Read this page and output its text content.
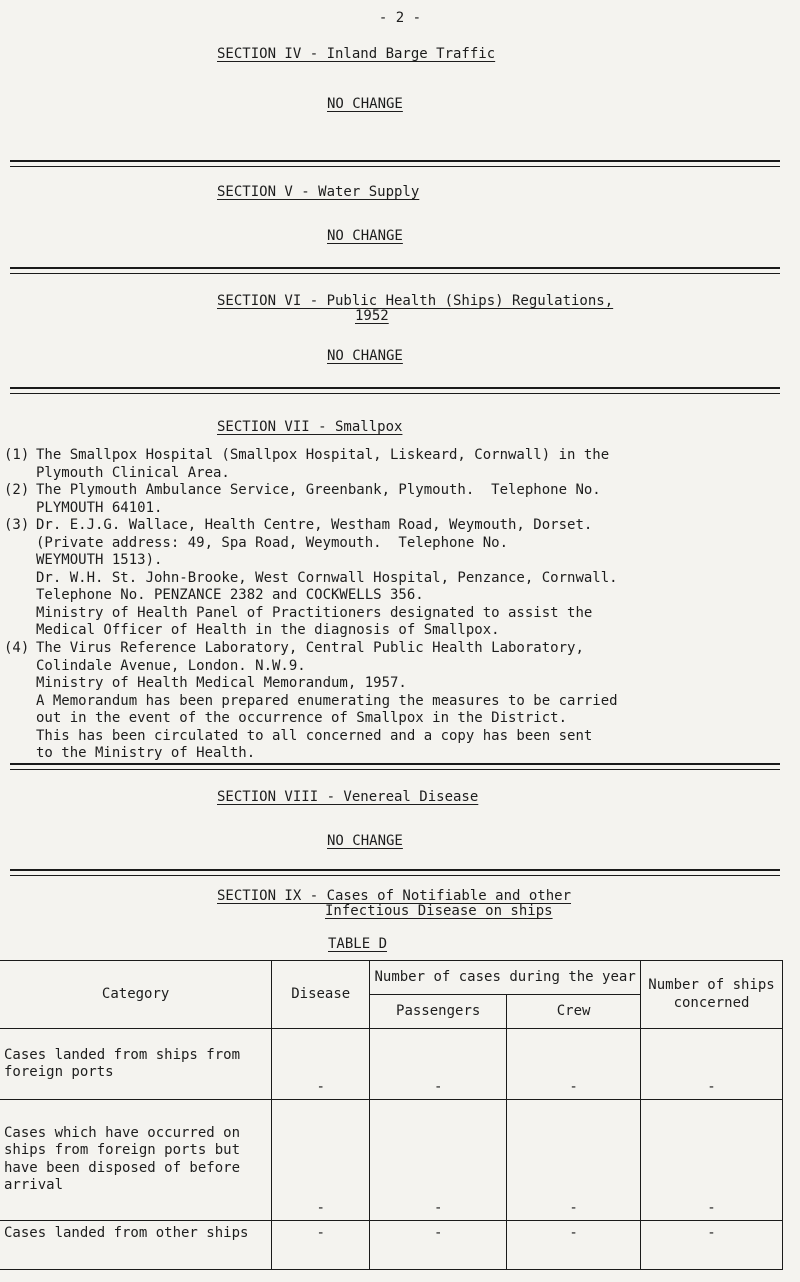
- 2 -
SECTION IV - Inland Barge Traffic
NO CHANGE
SECTION V - Water Supply
NO CHANGE
SECTION VI - Public Health (Ships) Regulations,
1952
NO CHANGE
SECTION VII - Smallpox
(1) The Smallpox Hospital (Smallpox Hospital, Liskeard, Cornwall) in the
Plymouth Clinical Area.
(2) The Plymouth Ambulance Service, Greenbank, Plymouth.  Telephone No.
PLYMOUTH 64101.
(3) Dr. E.J.G. Wallace, Health Centre, Westham Road, Weymouth, Dorset.
(Private address: 49, Spa Road, Weymouth.  Telephone No.
WEYMOUTH 1513).
Dr. W.H. St. John-Brooke, West Cornwall Hospital, Penzance, Cornwall.
Telephone No. PENZANCE 2382 and COCKWELLS 356.
Ministry of Health Panel of Practitioners designated to assist the
Medical Officer of Health in the diagnosis of Smallpox.
(4) The Virus Reference Laboratory, Central Public Health Laboratory,
Colindale Avenue, London. N.W.9.
Ministry of Health Medical Memorandum, 1957.
A Memorandum has been prepared enumerating the measures to be carried
out in the event of the occurrence of Smallpox in the District.
This has been circulated to all concerned and a copy has been sent
to the Ministry of Health.
SECTION VIII - Venereal Disease
NO CHANGE
SECTION IX - Cases of Notifiable and other
Infectious Disease on ships
TABLE D
Category	Disease	Number of cases during the year		Number of ships concerned
		Passengers	Crew	
Cases landed from ships from foreign ports	-	-	-	-
Cases which have occurred on ships from foreign ports but have been disposed of before arrival	-	-	-	-
Cases landed from other ships	-	-	-	-
